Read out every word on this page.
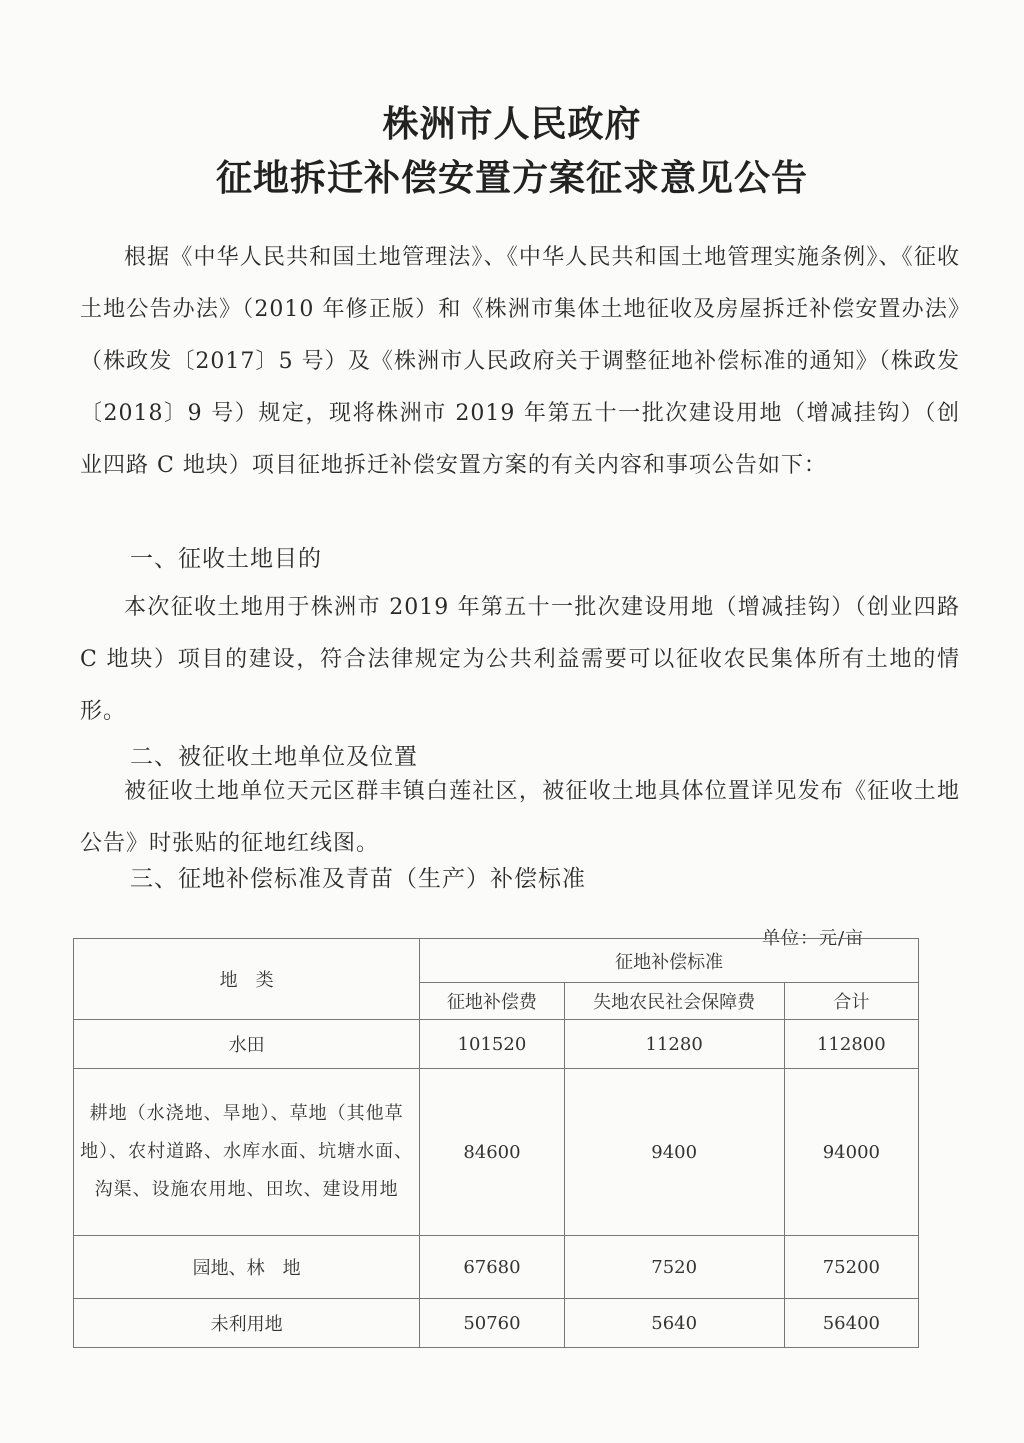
株洲市人民政府
征地拆迁补偿安置方案征求意见公告

根据《中华人民共和国土地管理法》、《中华人民共和国土地管理实施条例》、《征收土地公告办法》（2010 年修正版）和《株洲市集体土地征收及房屋拆迁补偿安置办法》（株政发〔2017〕5 号）及《株洲市人民政府关于调整征地补偿标准的通知》（株政发〔2018〕9 号）规定，现将株洲市 2019 年第五十一批次建设用地（增减挂钩）（创业四路 C 地块）项目征地拆迁补偿安置方案的有关内容和事项公告如下：

一、征收土地目的

本次征收土地用于株洲市 2019 年第五十一批次建设用地（增减挂钩）（创业四路 C 地块）项目的建设，符合法律规定为公共利益需要可以征收农民集体所有土地的情形。

二、被征收土地单位及位置

被征收土地单位天元区群丰镇白莲社区，被征收土地具体位置详见发布《征收土地公告》时张贴的征地红线图。

三、征地补偿标准及青苗（生产）补偿标准

单位：元/亩
地　类	征地补偿标准		
	征地补偿费	失地农民社会保障费	合计
水田	101520	11280	112800
耕地（水浇地、旱地）、草地（其他草地）、农村道路、水库水面、坑塘水面、沟渠、设施农用地、田坎、建设用地	84600	9400	94000
园地、林　地	67680	7520	75200
未利用地	50760	5640	56400
